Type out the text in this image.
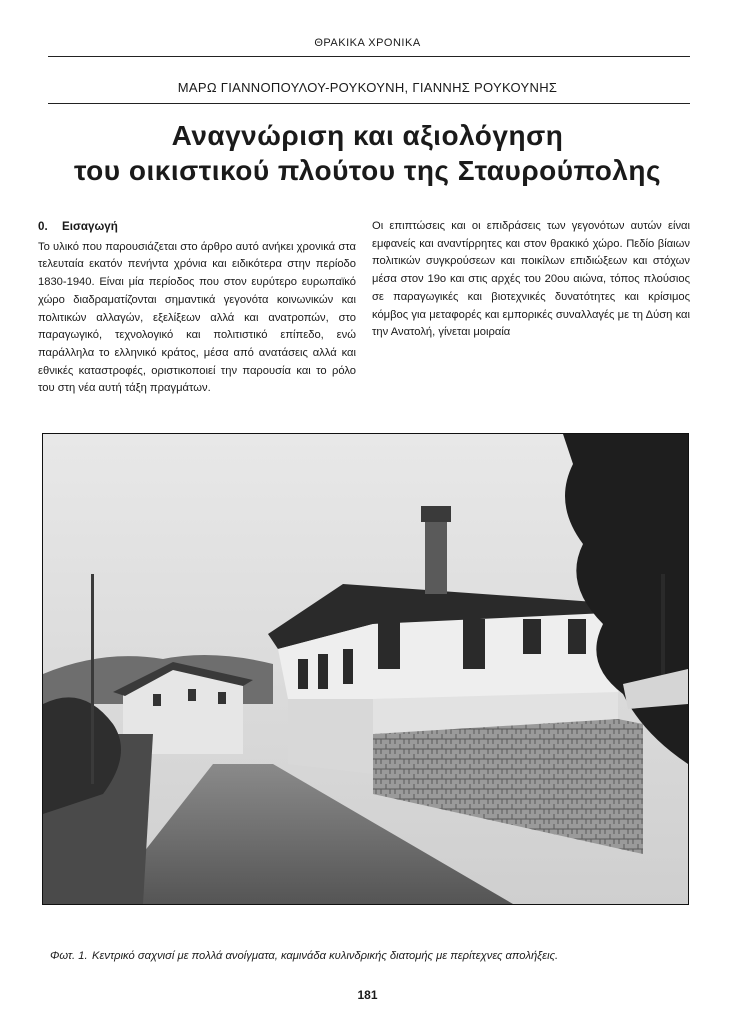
ΘΡΑΚΙΚΑ ΧΡΟΝΙΚΑ
ΜΑΡΩ ΓΙΑΝΝΟΠΟΥΛΟΥ-ΡΟΥΚΟΥΝΗ, ΓΙΑΝΝΗΣ ΡΟΥΚΟΥΝΗΣ
Αναγνώριση και αξιολόγηση
του οικιστικού πλούτου της Σταυρούπολης
0. Εισαγωγή

Το υλικό που παρουσιάζεται στο άρθρο αυτό ανήκει χρονικά στα τελευταία εκατόν πενήντα χρόνια και ειδικότερα στην περίοδο 1830-1940. Είναι μία περίοδος που στον ευρύτερο ευρωπαϊκό χώρο διαδραματίζονται σημαντικά γεγονότα κοινωνικών και πολιτικών αλλαγών, εξελίξεων αλλά και ανατροπών, στο παραγωγικό, τεχνολογικό και πολιτιστικό επίπεδο, ενώ παράλληλα το ελληνικό κράτος, μέσα από ανατάσεις αλλά και εθνικές καταστροφές, οριστικοποιεί την παρουσία και το ρόλο του στη νέα αυτή τάξη πραγμάτων.

Οι επιπτώσεις και οι επιδράσεις των γεγονότων αυτών είναι εμφανείς και αναντίρρητες και στον θρακικό χώρο. Πεδίο βίαιων πολιτικών συγκρούσεων και ποικίλων επιδιώξεων και στόχων μέσα στον 19ο και στις αρχές του 20ου αιώνα, τόπος πλούσιος σε παραγωγικές και βιοτεχνικές δυνατότητες και κρίσιμος κόμβος για μεταφορές και εμπορικές συναλλαγές με τη Δύση και την Ανατολή, γίνεται μοιραία

Φωτ. 1. Κεντρικό σαχνισί με πολλά ανοίγματα, καμινάδα κυλινδρικής διατομής με περίτεχνες απολήξεις.
181
